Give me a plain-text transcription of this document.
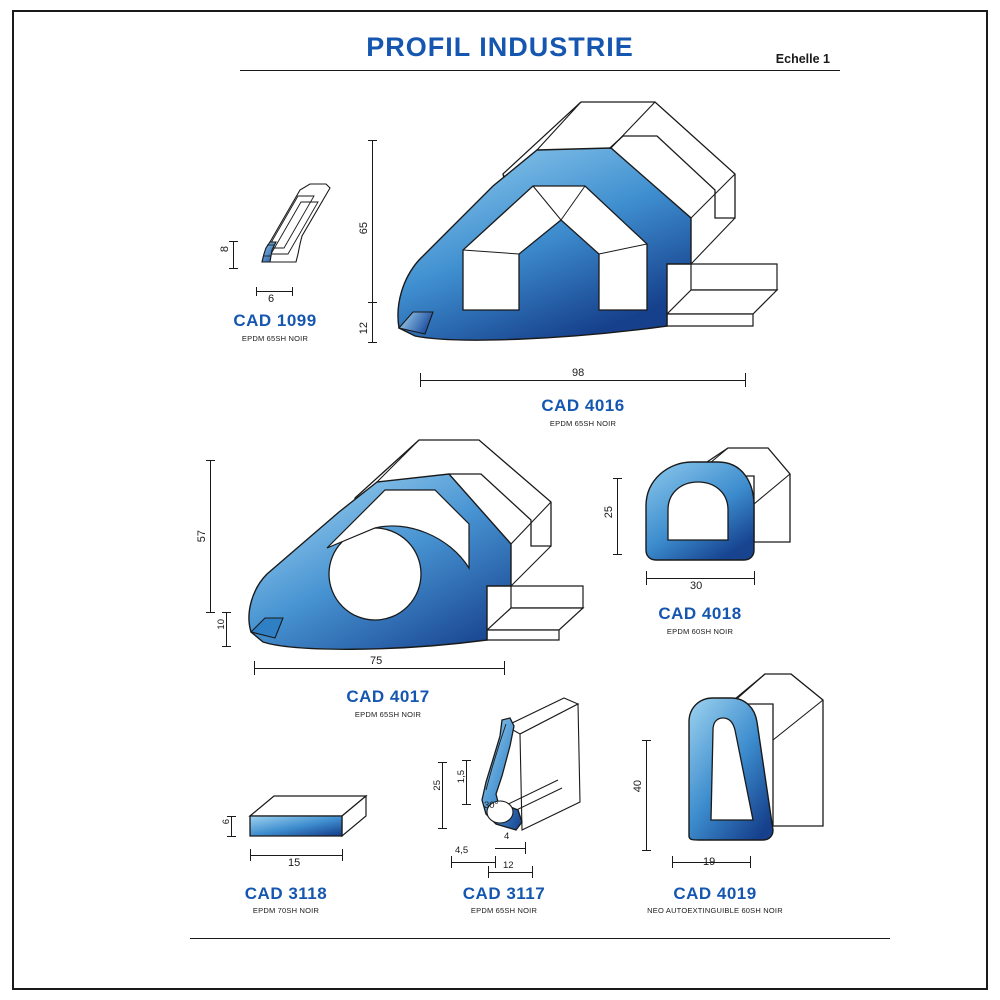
PROFIL INDUSTRIE	Echelle 1
8
6
CAD 1099
EPDM 65SH NOIR
65
12
98
CAD 4016
EPDM 65SH NOIR
57
10
75
CAD 4017
EPDM 65SH NOIR
25
30
CAD 4018
EPDM 60SH NOIR
6
15
CAD 3118
EPDM 70SH NOIR
25
1,5
30°
4,5
4
12
CAD 3117
EPDM 65SH NOIR
40
19
CAD 4019
NEO AUTOEXTINGUIBLE 60SH NOIR
